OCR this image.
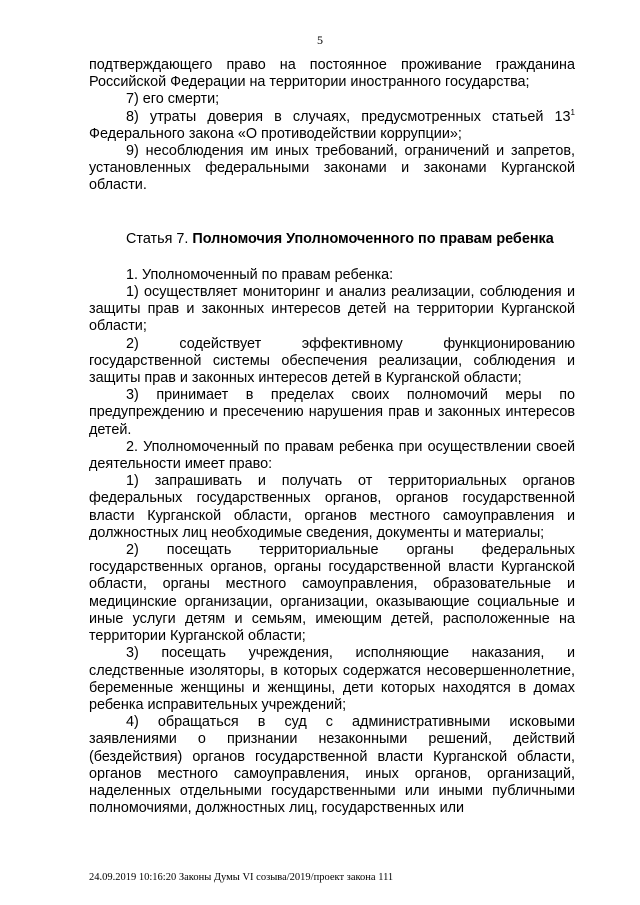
5

подтверждающего право на постоянное проживание гражданина Российской Федерации на территории иностранного государства;

7) его смерти;

8) утраты доверия в случаях, предусмотренных статьей $13^1$ Федерального закона «О противодействии коррупции»;

9) несоблюдения им иных требований, ограничений и запретов, установленных федеральными законами и законами Курганской области.

Статья 7. Полномочия Уполномоченного по правам ребенка

1. Уполномоченный по правам ребенка:

1) осуществляет мониторинг и анализ реализации, соблюдения и защиты прав и законных интересов детей на территории Курганской области;

2) содействует эффективному функционированию государственной системы обеспечения реализации, соблюдения и защиты прав и законных интересов детей в Курганской области;

3) принимает в пределах своих полномочий меры по предупреждению и пресечению нарушения прав и законных интересов детей.

2. Уполномоченный по правам ребенка при осуществлении своей деятельности имеет право:

1) запрашивать и получать от территориальных органов федеральных государственных органов, органов государственной власти Курганской области, органов местного самоуправления и должностных лиц необходимые сведения, документы и материалы;

2) посещать территориальные органы федеральных государственных органов, органы государственной власти Курганской области, органы местного самоуправления, образовательные и медицинские организации, организации, оказывающие социальные и иные услуги детям и семьям, имеющим детей, расположенные на территории Курганской области;

3) посещать учреждения, исполняющие наказания, и следственные изоляторы, в которых содержатся несовершеннолетние, беременные женщины и женщины, дети которых находятся в домах ребенка исправительных учреждений;

4) обращаться в суд с административными исковыми заявлениями о признании незаконными решений, действий (бездействия) органов государственной власти Курганской области, органов местного самоуправления, иных органов, организаций, наделенных отдельными государственными или иными публичными полномочиями, должностных лиц, государственных или

24.09.2019 10:16:20 Законы Думы VI созыва/2019/проект закона 111
